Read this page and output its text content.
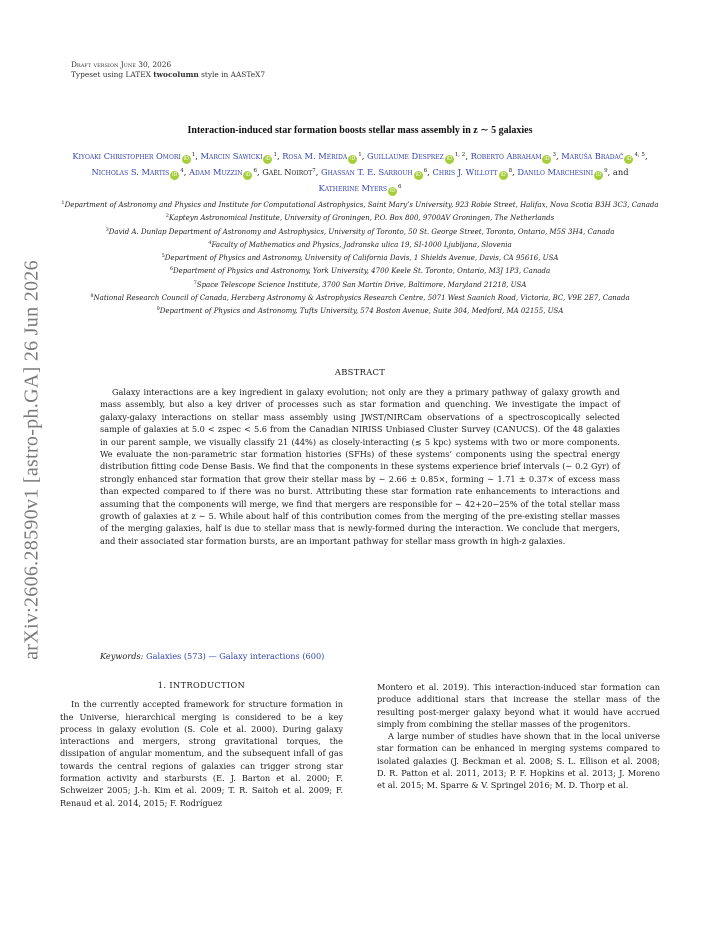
arXiv:2606.28590v1 [astro-ph.GA] 26 Jun 2026
Draft version June 30, 2026
Typeset using LATEX twocolumn style in AASTeX7
Interaction-induced star formation boosts stellar mass assembly in z ∼ 5 galaxies
Kiyoaki Christopher Omori $iD^1$, Marcin Sawicki $iD^1$, Rosa M. Mérida $iD^1$, Guillaume Desprez iD$^{1, 2}$, Roberto Abraham $iD^3$, Maruša Bradač iD$^{4, 5}$, Nicholas S. Martis $iD^4$, Adam Muzzin $iD^6$, Gaël Noirot$^7$, Ghassan T. E. Sarrouh $iD^6$, Chris J. Willott $iD^8$, Danilo Marchesini $iD^9$, and Katherine Myers $iD^6$
$^1$Department of Astronomy and Physics and Institute for Computational Astrophysics, Saint Mary’s University, 923 Robie Street, Halifax, Nova Scotia B3H 3C3, Canada
$^2$Kapteyn Astronomical Institute, University of Groningen, P.O. Box 800, 9700AV Groningen, The Netherlands
$^3$David A. Dunlap Department of Astronomy and Astrophysics, University of Toronto, 50 St. George Street, Toronto, Ontario, M5S 3H4, Canada
$^4$Faculty of Mathematics and Physics, Jadranska ulica 19, SI-1000 Ljubljana, Slovenia
$^5$Department of Physics and Astronomy, University of California Davis, 1 Shields Avenue, Davis, CA 95616, USA
$^6$Department of Physics and Astronomy, York University, 4700 Keele St. Toronto, Ontario, M3J 1P3, Canada
$^7$Space Telescope Science Institute, 3700 San Martin Drive, Baltimore, Maryland 21218, USA
$^8$National Research Council of Canada, Herzberg Astronomy & Astrophysics Research Centre, 5071 West Saanich Road, Victoria, BC, V9E 2E7, Canada
$^9$Department of Physics and Astronomy, Tufts University, 574 Boston Avenue, Suite 304, Medford, MA 02155, USA
ABSTRACT
Galaxy interactions are a key ingredient in galaxy evolution; not only are they a primary pathway of galaxy growth and mass assembly, but also a key driver of processes such as star formation and quenching. We investigate the impact of galaxy-galaxy interactions on stellar mass assembly using JWST/NIRCam observations of a spectroscopically selected sample of galaxies at 5.0 < zspec < 5.6 from the Canadian NIRISS Unbiased Cluster Survey (CANUCS). Of the 48 galaxies in our parent sample, we visually classify 21 (44%) as closely-interacting (≲ 5 kpc) systems with two or more components. We evaluate the non-parametric star formation histories (SFHs) of these systems’ components using the spectral energy distribution fitting code Dense Basis. We find that the components in these systems experience brief intervals (∼ 0.2 Gyr) of strongly enhanced star formation that grow their stellar mass by ∼ 2.66 ± 0.85×, forming ∼ 1.71 ± 0.37× of excess mass than expected compared to if there was no burst. Attributing these star formation rate enhancements to interactions and assuming that the components will merge, we find that mergers are responsible for ∼ 42+20−25% of the total stellar mass growth of galaxies at z ∼ 5. While about half of this contribution comes from the merging of the pre-existing stellar masses of the merging galaxies, half is due to stellar mass that is newly-formed during the interaction. We conclude that mergers, and their associated star formation bursts, are an important pathway for stellar mass growth in high-z galaxies.
Keywords: Galaxies (573) — Galaxy interactions (600)
1. INTRODUCTION

In the currently accepted framework for structure formation in the Universe, hierarchical merging is considered to be a key process in galaxy evolution (S. Cole et al. 2000). During galaxy interactions and mergers, strong gravitational torques, the dissipation of angular momentum, and the subsequent infall of gas towards the central regions of galaxies can trigger strong star formation activity and starbursts (E. J. Barton et al. 2000; F. Schweizer 2005; J.-h. Kim et al. 2009; T. R. Saitoh et al. 2009; F. Renaud et al. 2014, 2015; F. Rodríguez

Montero et al. 2019). This interaction-induced star formation can produce additional stars that increase the stellar mass of the resulting post-merger galaxy beyond what it would have accrued simply from combining the stellar masses of the progenitors.

A large number of studies have shown that in the local universe star formation can be enhanced in merging systems compared to isolated galaxies (J. Beckman et al. 2008; S. L. Ellison et al. 2008; D. R. Patton et al. 2011, 2013; P. F. Hopkins et al. 2013; J. Moreno et al. 2015; M. Sparre & V. Springel 2016; M. D. Thorp et al.
